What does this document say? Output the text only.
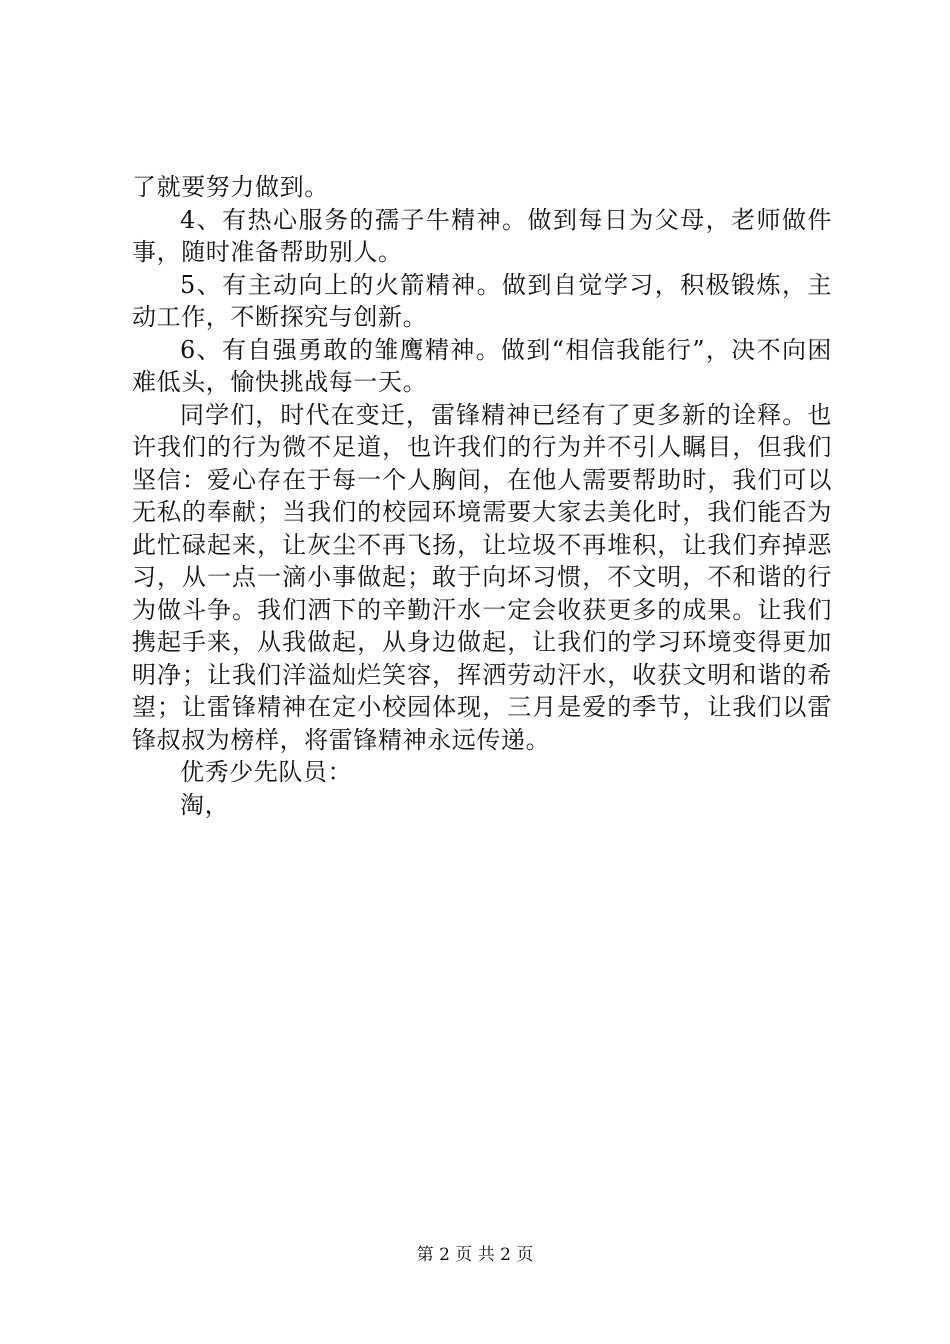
了就要努力做到。

4、有热心服务的孺子牛精神。做到每日为父母，老师做件事，随时准备帮助别人。

5、有主动向上的火箭精神。做到自觉学习，积极锻炼，主动工作，不断探究与创新。

6、有自强勇敢的雏鹰精神。做到“相信我能行”，决不向困难低头，愉快挑战每一天。

同学们，时代在变迁，雷锋精神已经有了更多新的诠释。也许我们的行为微不足道，也许我们的行为并不引人瞩目，但我们坚信：爱心存在于每一个人胸间，在他人需要帮助时，我们可以无私的奉献；当我们的校园环境需要大家去美化时，我们能否为此忙碌起来，让灰尘不再飞扬，让垃圾不再堆积，让我们弃掉恶习，从一点一滴小事做起；敢于向坏习惯，不文明，不和谐的行为做斗争。我们洒下的辛勤汗水一定会收获更多的成果。让我们携起手来，从我做起，从身边做起，让我们的学习环境变得更加明净；让我们洋溢灿烂笑容，挥洒劳动汗水，收获文明和谐的希望；让雷锋精神在定小校园体现，三月是爱的季节，让我们以雷锋叔叔为榜样，将雷锋精神永远传递。

优秀少先队员：

淘，

第 2 页 共 2 页
